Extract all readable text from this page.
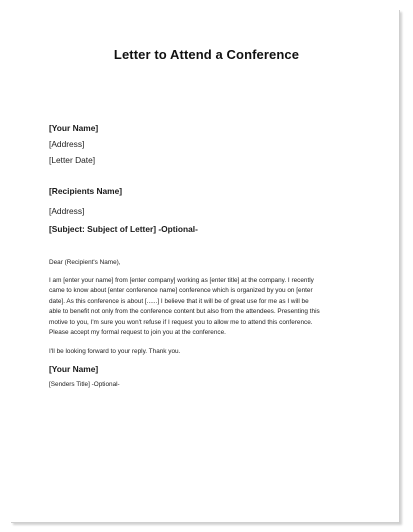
Letter to Attend a Conference
[Your Name]
[Address]
[Letter Date]
[Recipients Name]
[Address]
[Subject: Subject of Letter] -Optional-
Dear (Recipient's Name),
I am [enter your name] from [enter company] working as [enter title] at the company. I recently
came to know about [enter conference name] conference which is organized by you on [enter
date]. As this conference is about [......] I believe that it will be of great use for me as I will be
able to benefit not only from the conference content but also from the attendees. Presenting this
motive to you, I'm sure you won't refuse if I request you to allow me to attend this conference.
Please accept my formal request to join you at the conference.
I'll be looking forward to your reply. Thank you.
[Your Name]
[Senders Title] -Optional-
